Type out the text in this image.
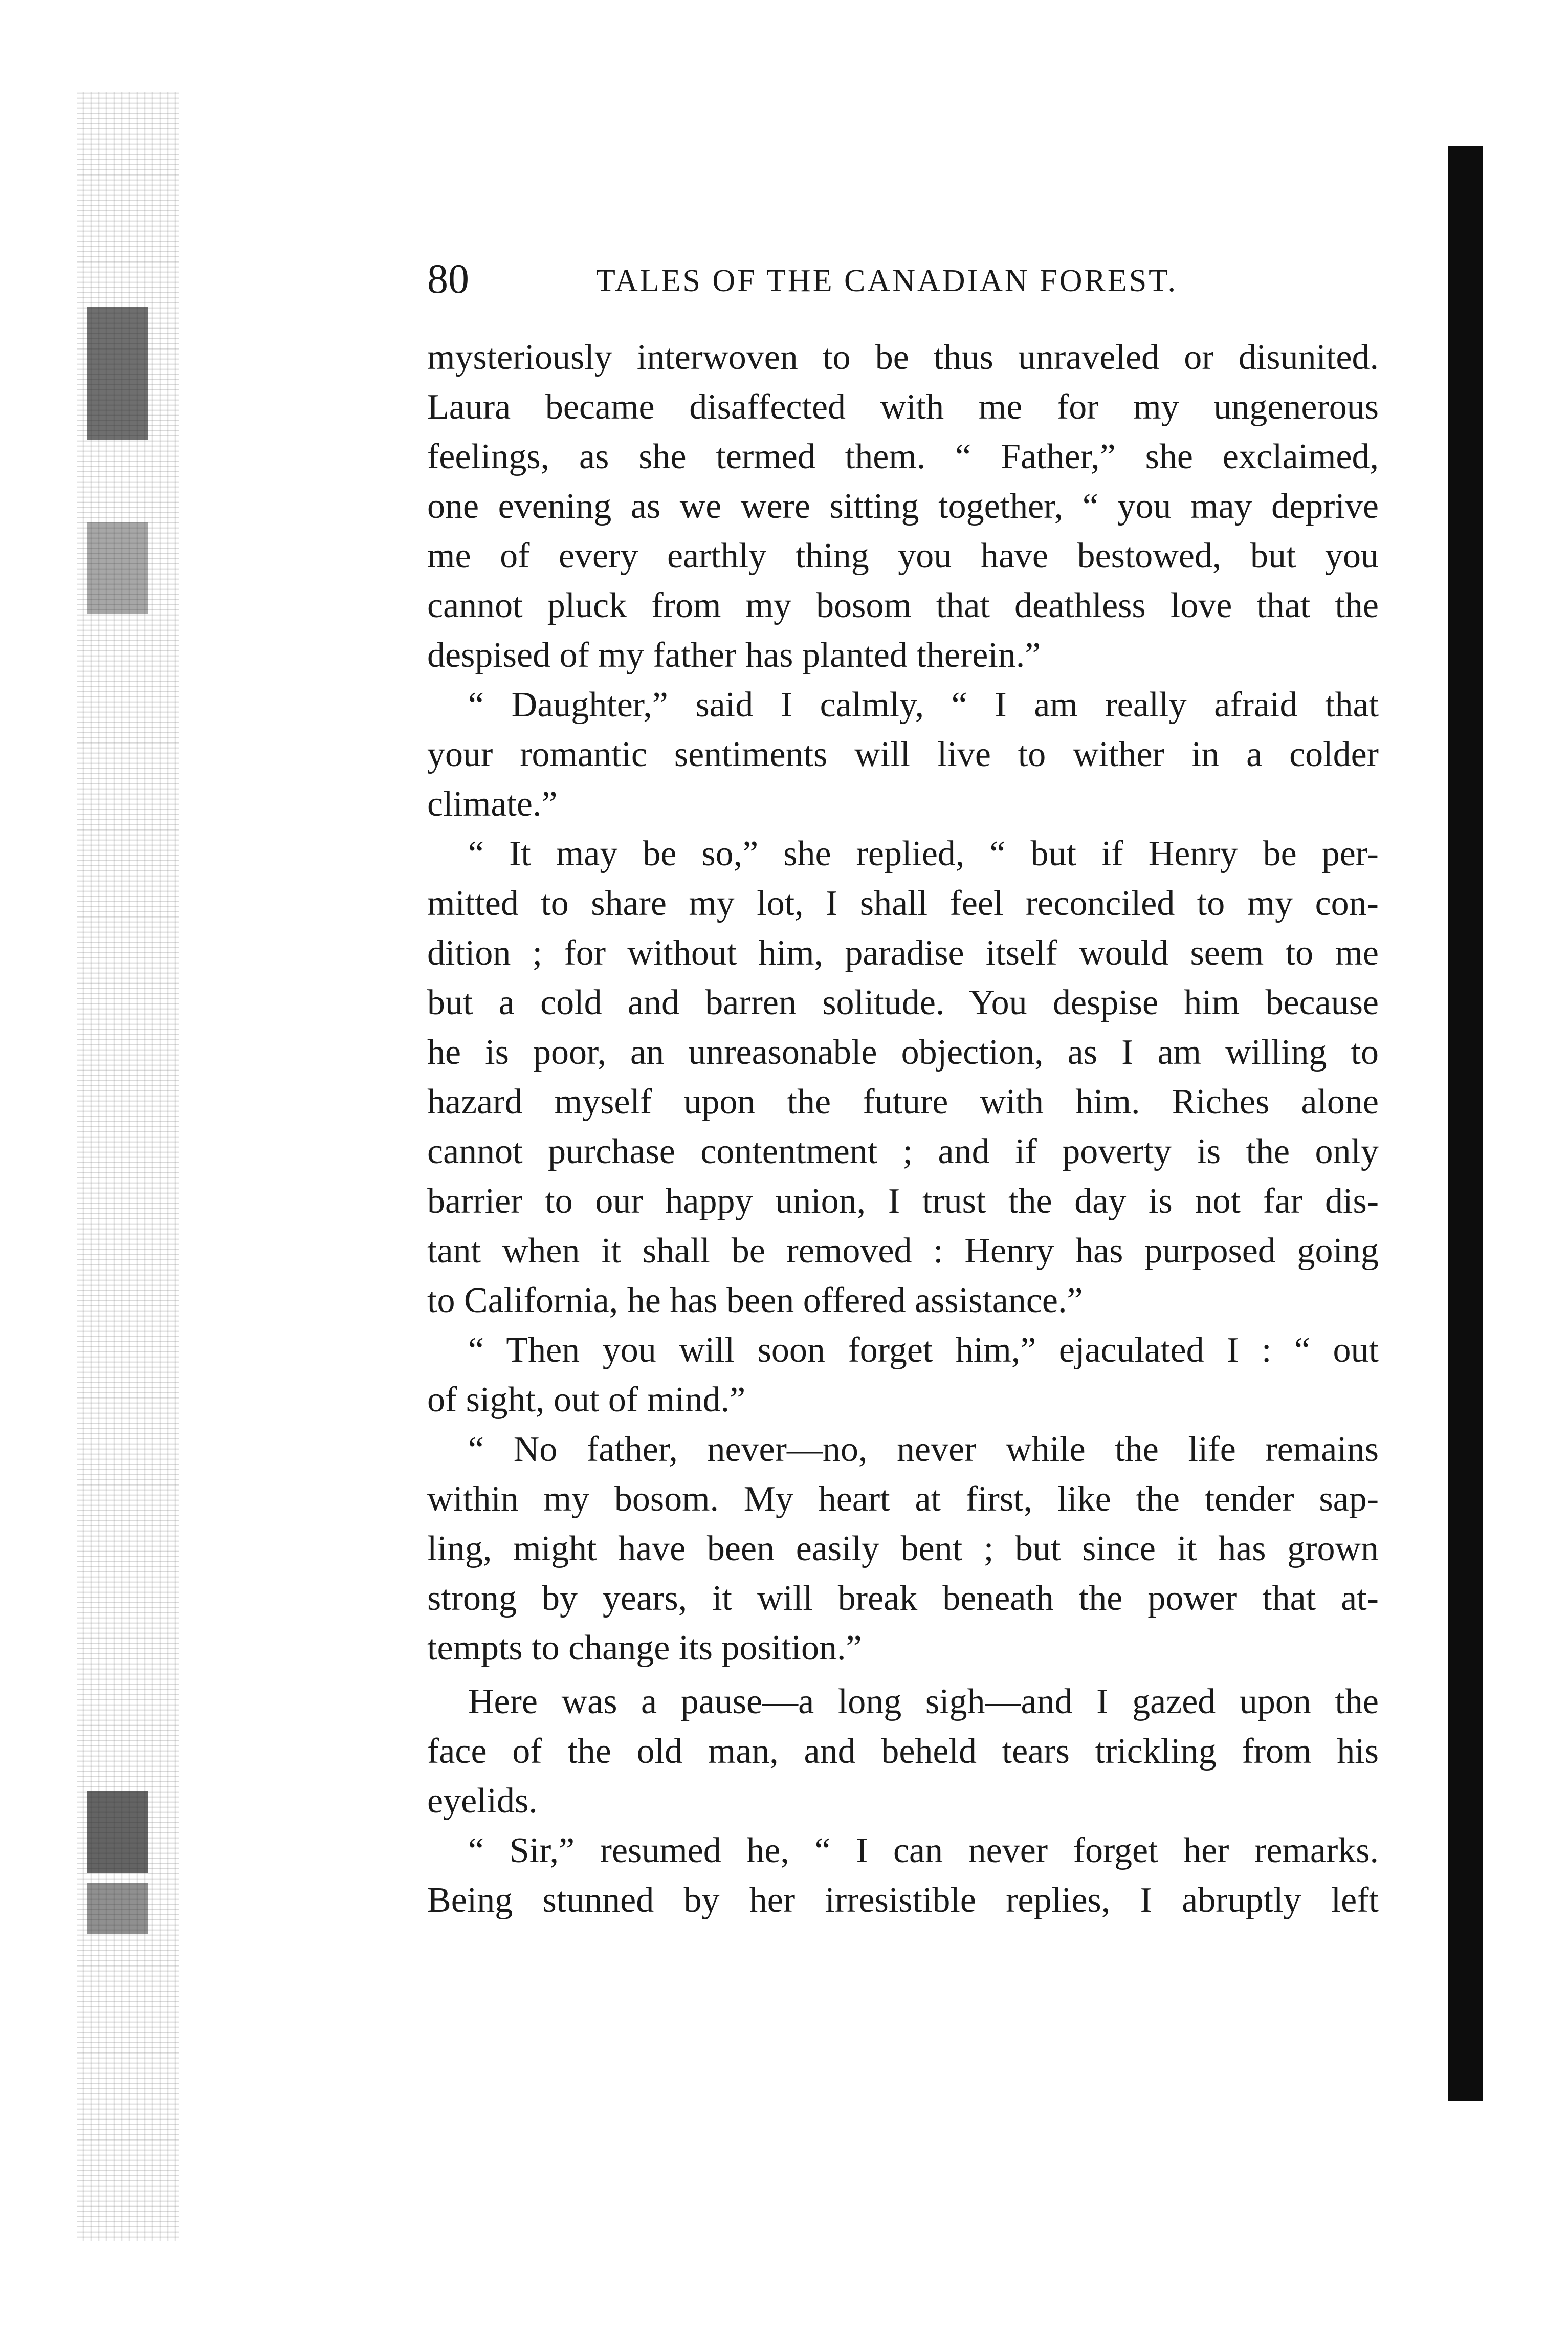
80	TALES OF THE CANADIAN FOREST.
mysteriously interwoven to be thus unraveled or disunited.
Laura became disaffected with me for my ungenerous
feelings, as she termed them. “ Father,” she exclaimed,
one evening as we were sitting together, “ you may deprive
me of every earthly thing you have bestowed, but you
cannot pluck from my bosom that deathless love that the
despised of my father has planted therein.”
“ Daughter,” said I calmly, “ I am really afraid that
your romantic sentiments will live to wither in a colder
climate.”
“ It may be so,” she replied, “ but if Henry be per-
mitted to share my lot, I shall feel reconciled to my con-
dition ; for without him, paradise itself would seem to me
but a cold and barren solitude. You despise him because
he is poor, an unreasonable objection, as I am willing to
hazard myself upon the future with him. Riches alone
cannot purchase contentment ; and if poverty is the only
barrier to our happy union, I trust the day is not far dis-
tant when it shall be removed : Henry has purposed going
to California, he has been offered assistance.”
“ Then you will soon forget him,” ejaculated I : “ out
of sight, out of mind.”
“ No father, never—no, never while the life remains
within my bosom. My heart at first, like the tender sap-
ling, might have been easily bent ; but since it has grown
strong by years, it will break beneath the power that at-
tempts to change its position.”
Here was a pause—a long sigh—and I gazed upon the
face of the old man, and beheld tears trickling from his
eyelids.
“ Sir,” resumed he, “ I can never forget her remarks.
Being stunned by her irresistible replies, I abruptly left
